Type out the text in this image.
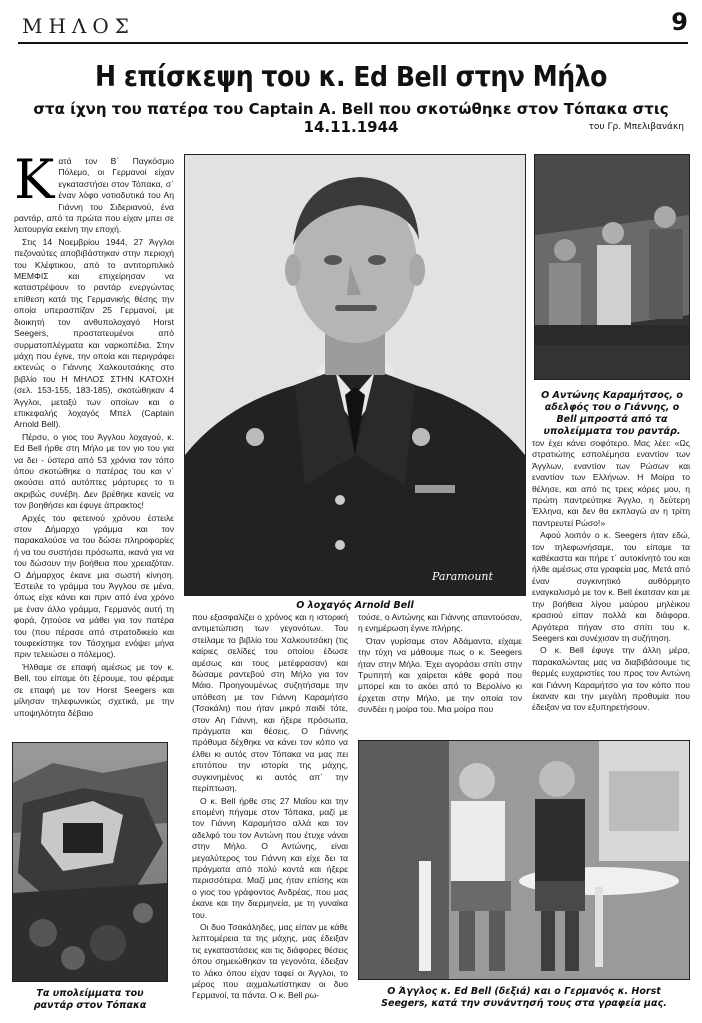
ΜΗΛΟΣ	9
Η επίσκεψη του κ. Ed Bell στην Μήλο
στα ίχνη του πατέρα του Captain A. Bell που σκοτώθηκε στον Τόπακα στις 14.11.1944	του Γρ. Μπελιβανάκη
Κ ατά τον Β΄ Παγκόσμιο Πόλεμο, οι Γερμανοί είχαν εγκαταστήσει στον Τόπακα, σ΄ έναν λόφο νοτιοδυτικά του Αη Γιάννη του Σιδεριανού, ένα ραντάρ, από τα πρώτα που είχαν μπει σε λειτουργία εκείνη την εποχή.

Στις 14 Νοεμβρίου 1944, 27 Άγγλοι πεζοναύτες αποβιβάστηκαν στην περιοχή του Κλέφτικου, από το αντιτορπιλικό ΜΕΜΦΙΣ και επιχείρησαν να καταστρέψουν το ραντάρ ενεργώντας επίθεση κατά της Γερμανικής θέσης την οποία υπερασπίζαν 25 Γερμανοί, με διοικητή τον ανθυπολοχαγό Horst Seegers, προστατευμένοι από συρματοπλέγματα και ναρκοπέδια. Στην μάχη που έγινε, την οποία και περιγράφει εκτενώς ο Γιάννης Χαλκουτσάκης στο βιβλίο του Η ΜΗΛΟΣ ΣΤΗΝ ΚΑΤΟΧΗ (σελ. 153-155, 183-185), σκοτώθηκαν 4 Άγγλοι, μεταξύ των οποίων και ο επικεφαλής λοχαγός Μπελ (Captain Arnold Bell).

Πέρσυ, ο γιος του Άγγλου λοχαγού, κ. Ed Bell ήρθε στη Μήλο με τον γιο του για να δει - ύστερα από 53 χρόνια τον τόπο όπου σκοτώθηκε ο πατέρας του και ν΄ ακούσει από αυτόπτες μάρτυρες το τι ακριβώς συνέβη. Δεν βρέθηκε κανείς να τον βοηθήσει και έφυγε άπρακτος!

Αρχές του φετεινού χρόνου έστειλε στον Δήμαρχο γράμμα και τον παρακαλούσε να του δώσει πληροφορίες ή να του συστήσει πρόσωπα, ικανά για να του δώσουν την βοήθεια που χρειαζόταν. Ο Δήμαρχος έκανε μια σωστή κίνηση. Έστειλε το γράμμα του Άγγλου σε μένα, όπως είχε κάνει και πριν από ένα χρόνο με έναν άλλο γράμμα, Γερμανός αυτή τη φορά, ζητούσε να μάθει για τον πατέρα του (που πέρασε από στρατοδικείο και τουφεκίστηκε τον Τάσχημα ενόψει μήνα πριν τελειώσει ο πόλεμος).

Ήλθαμε σε επαφή αμέσως με τον κ. Bell, του είπαμε ότι ξέρουμε, του φέραμε σε επαφή με τον Horst Seegers και μίλησαν τηλεφωνικώς σχετικά, με την υποψηλότητα δέβαιο

Τα υπολείμματα του ραντάρ στον Τόπακα
Paramount
Ο λοχαγός Arnold Bell
Ο Αντώνης Καραμήτσος, ο αδελφός του ο Γιάννης, ο Bell μπροστά από τα υπολείμματα του ραντάρ.

που εξασφαλίζει ο χρόνος και η ιστορική αντιμετώπιση των γεγονότων. Του στείλαμε το βιβλίο του Χαλκουτσάκη (τις καίριες σελίδες του οποίου έδωσε αμέσως και τους μετέφρασαν) και δώσαμε ραντεβού στη Μήλο για τον Μάιο. Προηγουμένως συζητήσαμε την υπόθεση με τον Γιάννη Καραμήτσο (Τσακάλη) που ήταν μικρό παιδί τότε, στον Αη Γιάννη, και ήξερε πρόσωπα, πράγματα και θέσεις. Ο Γιάννης πρόθυμα δέχθηκε να κάνει τον κόπο να έλθει κι αυτός στον Τόπακα να μας πει επιτόπου την ιστορία της μάχης, συγκινημένος κι αυτός απ΄ την περίπτωση.

Ο κ. Bell ήρθε στις 27 Μαΐου και την επομένη πήγαμε στον Τόπακα, μαζί με τον Γιάννη Καραμήτσο αλλά και τον αδελφό του τον Αντώνη που έτυχε νάναι στην Μήλο. Ο Αντώνης, είναι μεγαλύτερος του Γιάννη και είχε δει τα πράγματα από πολύ κοντά και ήξερε περισσότερα. Μαζί μας ήταν επίσης και ο γιος του γράφοντος Ανδρέας, που μας έκανε και την διερμηνεία, με τη γυναίκα του.

Οι δυο Τσακάληδες, μας είπαν με κάθε λεπτομέρεια τα της μάχης, μας έδειξαν τις εγκαταστάσεις και τις διάφορες θέσεις όπου σημειώθηκαν τα γεγονότα, έδειξαν το λάκο όπου είχαν ταφεί οι Άγγλοι, το μέρος που αιχμαλωτίστηκαν οι δυο Γερμανοί, τα πάντα. Ο κ. Bell ρω-

τούσε, ο Αντώνης και Γιάννης απαντούσαν, η ενημέρωση έγινε πλήρης.

Όταν γυρίσαμε στον Αδάμαντα, είχαμε την τύχη να μάθουμε πως ο κ. Seegers ήταν στην Μήλο. Έχει αγοράσει σπίτι στην Τρυπητή και χαίρεται κάθε φορά που μπορεί και το ακόει από το Βερολίνο κι έρχεται στην Μήλο, με την οποία τον συνδέει η μοίρα του. Μια μοίρα που

τον έχει κάνει σοφότερο. Μας λέει: «Ως στρατιώτης εσπολέμησα εναντίον των Άγγλων, εναντίον των Ρώσων και εναντίον των Ελλήνων. Η Μοίρα το θέλησε, και από τις τρεις κόρες μου, η πρώτη παντρεύτηκε Άγγλο, η δεύτερη Έλληνα, και δεν θα εκπλαγώ αν η τρίτη παντρευτεί Ρώσο!»

Αφού λοιπόν ο κ. Seegers ήταν εδώ, τον τηλεφωνήσαμε, του είπαμε τα καθέκαστα και πήρε τ΄ αυτοκίνητό του και ήλθε αμέσως στα γραφεία μας. Μετά από έναν συγκινητικό αυθόρμητο εναγκαλισμό με τον κ. Bell έκατσαν και με την βοήθεια λίγου μαύρου μηλέικου κρασιού είπαν πολλά και διάφορα. Αργότερα πήγαν στο σπίτι του κ. Seegers και συνέχισαν τη συζήτηση.

Ο κ. Bell έφυγε την άλλη μέρα, παρακαλώντας μας να διαβιβάσουμε τις θερμές ευχαριστίες του προς τον Αντώνη και Γιάννη Καραμήτσο για τον κόπο που έκαναν και την μεγάλη προθυμία που έδειξαν να τον εξυπηρετήσουν.

Ο Άγγλος κ. Ed Bell (δεξιά) και ο Γερμανός κ. Horst Seegers, κατά την συνάντησή τους στα γραφεία μας.
